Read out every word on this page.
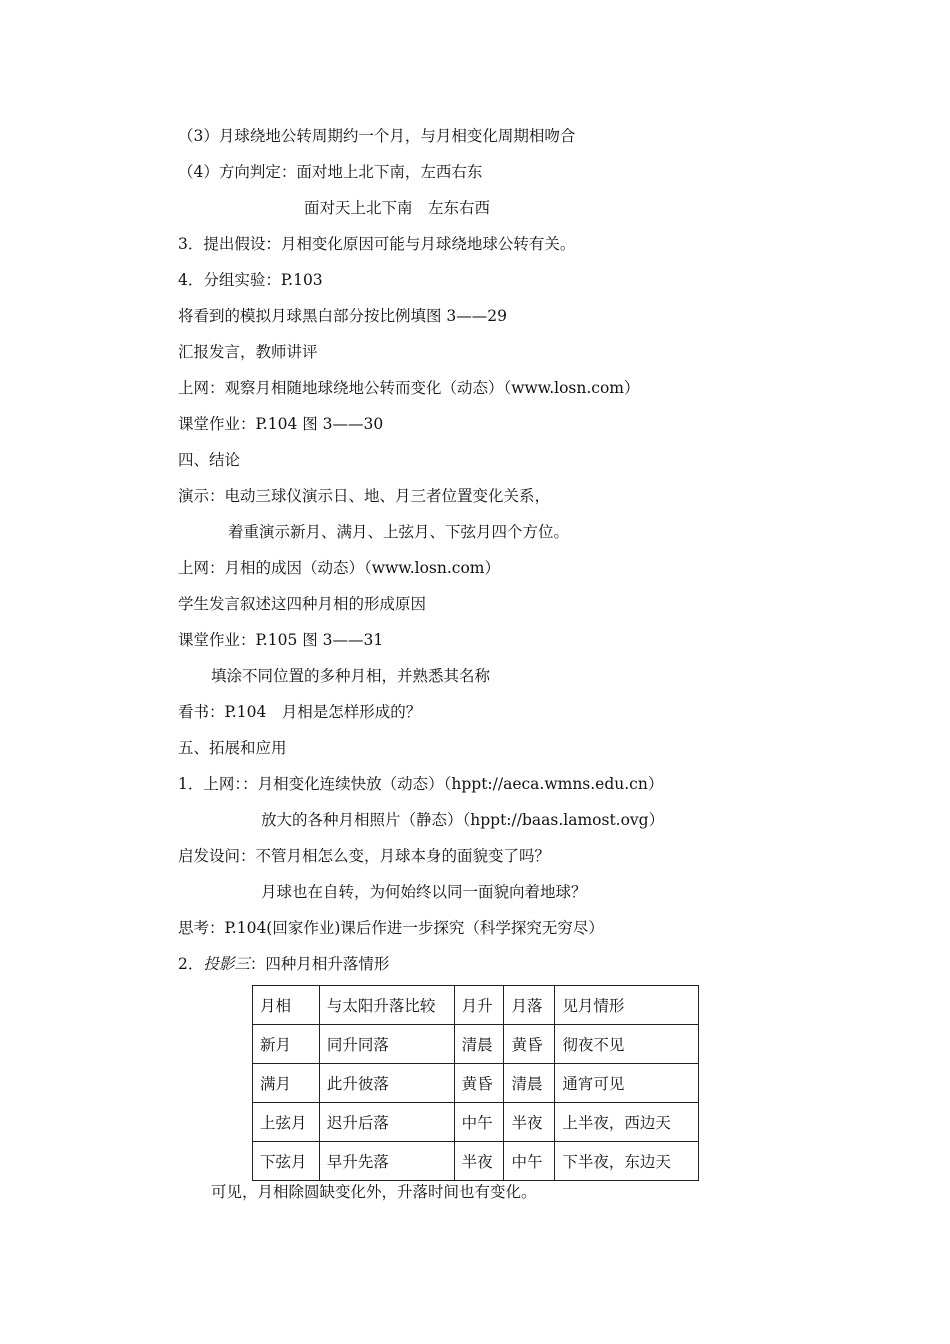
（3）月球绕地公转周期约一个月，与月相变化周期相吻合
（4）方向判定：面对地上北下南，左西右东
面对天上北下南　左东右西
3．提出假设：月相变化原因可能与月球绕地球公转有关。
4．分组实验：P.103
将看到的模拟月球黑白部分按比例填图 3——29
汇报发言，教师讲评
上网：观察月相随地球绕地公转而变化（动态）（www.losn.com）
课堂作业：P.104 图 3——30
四、结论
演示：电动三球仪演示日、地、月三者位置变化关系，
着重演示新月、满月、上弦月、下弦月四个方位。
上网：月相的成因（动态）（www.losn.com）
学生发言叙述这四种月相的形成原因
课堂作业：P.105 图 3——31
填涂不同位置的多种月相，并熟悉其名称
看书：P.104　月相是怎样形成的？
五、拓展和应用
1．上网：：月相变化连续快放（动态）（hppt://aeca.wmns.edu.cn）
放大的各种月相照片（静态）（hppt://baas.lamost.ovg）
启发设问：不管月相怎么变，月球本身的面貌变了吗？
月球也在自转，为何始终以同一面貌向着地球？
思考：P.104(回家作业)课后作进一步探究（科学探究无穷尽）
2．投影三：四种月相升落情形
月相	与太阳升落比较	月升	月落	见月情形
新月	同升同落	清晨	黄昏	彻夜不见
满月	此升彼落	黄昏	清晨	通宵可见
上弦月	迟升后落	中午	半夜	上半夜，西边天
下弦月	早升先落	半夜	中午	下半夜，东边天
可见，月相除圆缺变化外，升落时间也有变化。
